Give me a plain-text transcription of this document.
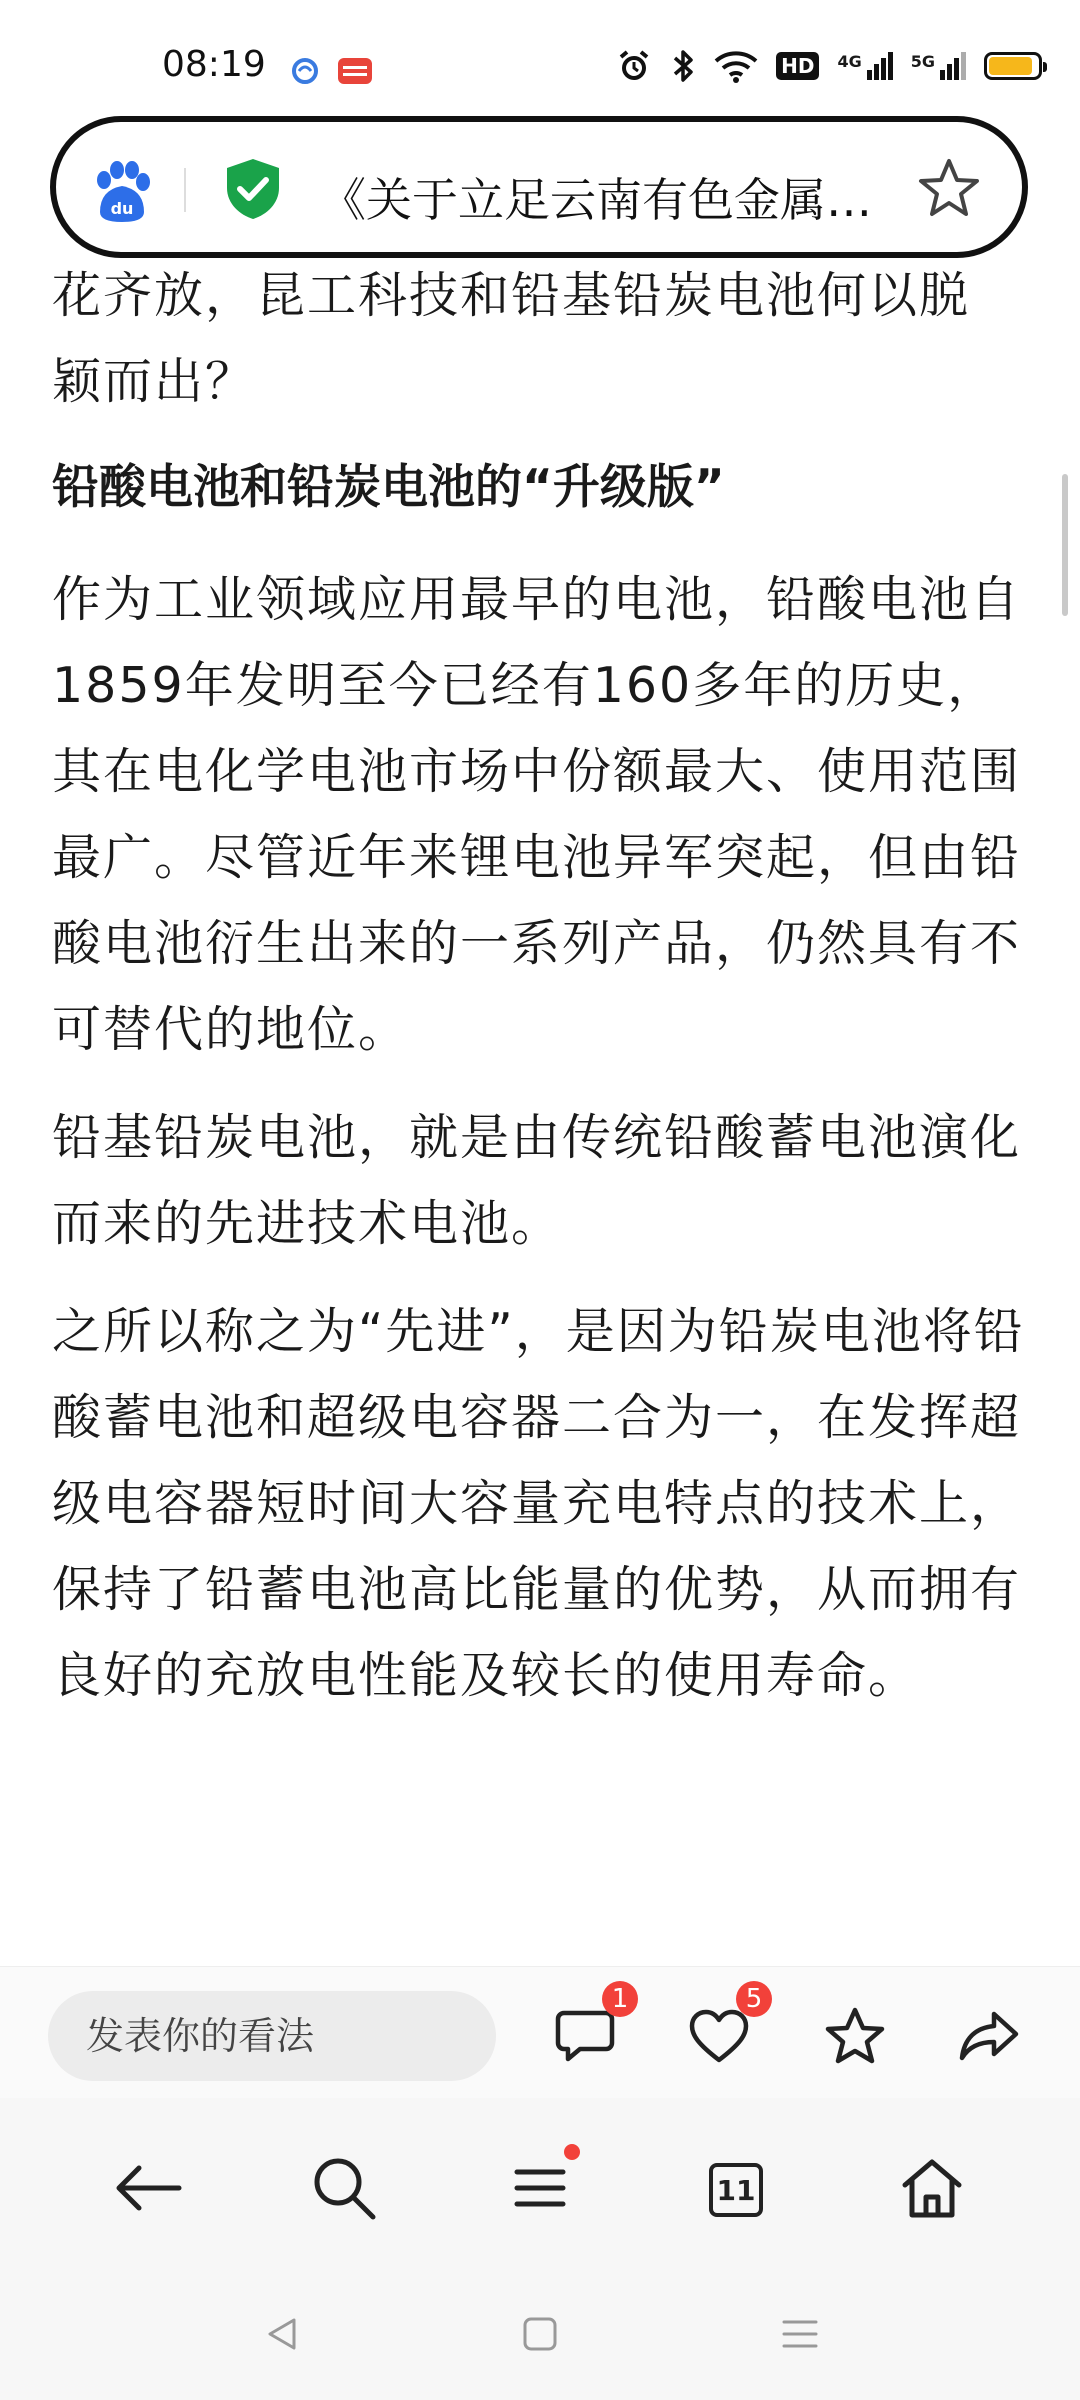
08:19	HD	4G	5G
du	《关于立足云南有色金属…
花齐放，昆工科技和铅基铅炭电池何以脱
颖而出？
铅酸电池和铅炭电池的“升级版”

作为工业领域应用最早的电池，铅酸电池自1859年发明至今已经有160多年的历史，其在电化学电池市场中份额最大、使用范围最广。尽管近年来锂电池异军突起，但由铅酸电池衍生出来的一系列产品，仍然具有不可替代的地位。

铅基铅炭电池，就是由传统铅酸蓄电池演化而来的先进技术电池。

之所以称之为“先进”，是因为铅炭电池将铅酸蓄电池和超级电容器二合为一，在发挥超级电容器短时间大容量充电特点的技术上，保持了铅蓄电池高比能量的优势，从而拥有良好的充放电性能及较长的使用寿命。

发表你的看法
1	5
11
